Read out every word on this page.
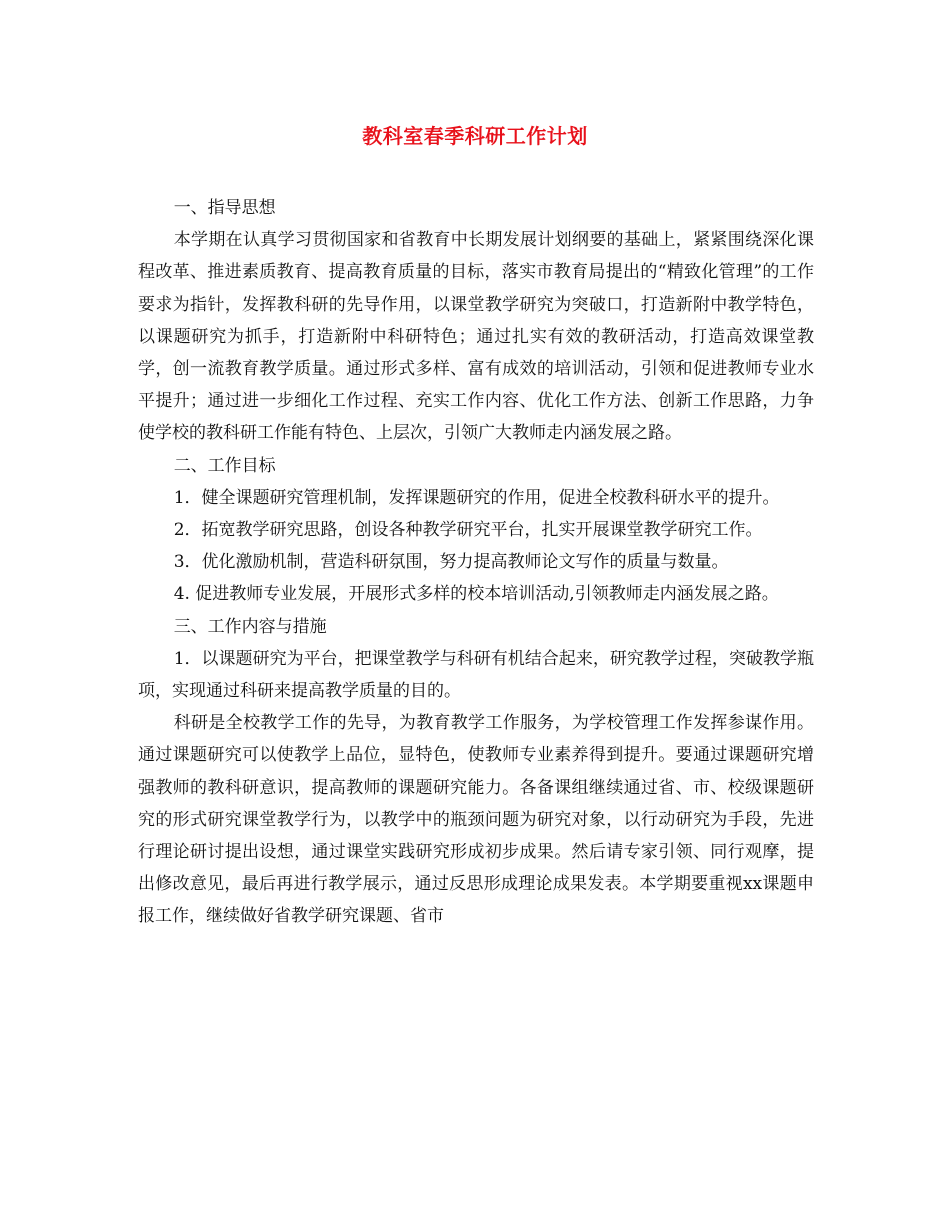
教科室春季科研工作计划

一、指导思想

本学期在认真学习贯彻国家和省教育中长期发展计划纲要的基础上，紧紧围绕深化课程改革、推进素质教育、提高教育质量的目标，落实市教育局提出的“精致化管理”的工作要求为指针，发挥教科研的先导作用，以课堂教学研究为突破口，打造新附中教学特色，以课题研究为抓手，打造新附中科研特色；通过扎实有效的教研活动，打造高效课堂教学，创一流教育教学质量。通过形式多样、富有成效的培训活动，引领和促进教师专业水平提升；通过进一步细化工作过程、充实工作内容、优化工作方法、创新工作思路，力争使学校的教科研工作能有特色、上层次，引领广大教师走内涵发展之路。

二、工作目标

1．健全课题研究管理机制，发挥课题研究的作用，促进全校教科研水平的提升。

2．拓宽教学研究思路，创设各种教学研究平台，扎实开展课堂教学研究工作。

3．优化激励机制，营造科研氛围，努力提高教师论文写作的质量与数量。

4. 促进教师专业发展，开展形式多样的校本培训活动,引领教师走内涵发展之路。

三、工作内容与措施

1．以课题研究为平台，把课堂教学与科研有机结合起来，研究教学过程，突破教学瓶项，实现通过科研来提高教学质量的目的。

科研是全校教学工作的先导，为教育教学工作服务，为学校管理工作发挥参谋作用。通过课题研究可以使教学上品位，显特色，使教师专业素养得到提升。要通过课题研究增强教师的教科研意识，提高教师的课题研究能力。各备课组继续通过省、市、校级课题研究的形式研究课堂教学行为，以教学中的瓶颈问题为研究对象，以行动研究为手段，先进行理论研讨提出设想，通过课堂实践研究形成初步成果。然后请专家引领、同行观摩，提出修改意见，最后再进行教学展示，通过反思形成理论成果发表。本学期要重视xx课题申报工作，继续做好省教学研究课题、省市
